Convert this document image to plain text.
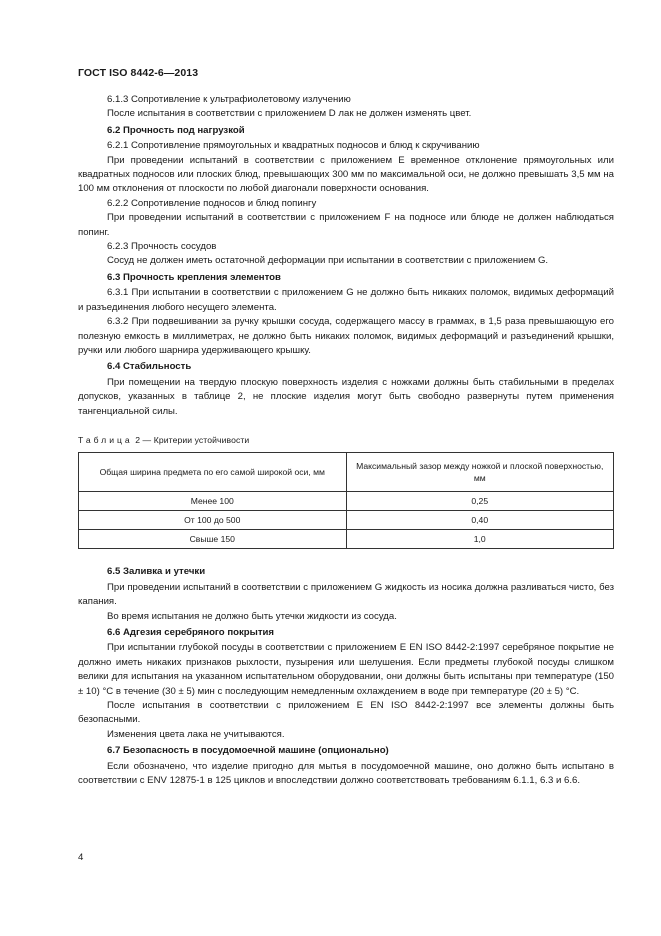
ГОСТ ISO 8442-6—2013

6.1.3 Сопротивление к ультрафиолетовому излучению

После испытания в соответствии с приложением D лак не должен изменять цвет.

6.2 Прочность под нагрузкой

6.2.1 Сопротивление прямоугольных и квадратных подносов и блюд к скручиванию

При проведении испытаний в соответствии с приложением E временное отклонение прямоугольных или квадратных подносов или плоских блюд, превышающих 300 мм по максимальной оси, не должно превышать 3,5 мм на 100 мм отклонения от плоскости по любой диагонали поверхности основания.

6.2.2 Сопротивление подносов и блюд попингу

При проведении испытаний в соответствии с приложением F на подносе или блюде не должен наблюдаться попинг.

6.2.3 Прочность сосудов

Сосуд не должен иметь остаточной деформации при испытании в соответствии с приложением G.

6.3 Прочность крепления элементов

6.3.1 При испытании в соответствии с приложением G не должно быть никаких поломок, видимых деформаций и разъединения любого несущего элемента.

6.3.2 При подвешивании за ручку крышки сосуда, содержащего массу в граммах, в 1,5 раза превышающую его полезную емкость в миллиметрах, не должно быть никаких поломок, видимых деформаций и разъединений крышки, ручки или любого шарнира удерживающего крышку.

6.4 Стабильность

При помещении на твердую плоскую поверхность изделия с ножками должны быть стабильными в пределах допусков, указанных в таблице 2, не плоские изделия могут быть свободно развернуты путем применения тангенциальной силы.

Таблица 2 — Критерии устойчивости

Общая ширина предмета по его самой широкой оси, мм	Максимальный зазор между ножкой и плоской поверхностью, мм
Менее 100	0,25
От 100 до 500	0,40
Свыше 150	1,0

6.5 Заливка и утечки

При проведении испытаний в соответствии с приложением G жидкость из носика должна разливаться чисто, без капания.

Во время испытания не должно быть утечки жидкости из сосуда.

6.6 Адгезия серебряного покрытия

При испытании глубокой посуды в соответствии с приложением E EN ISO 8442-2:1997 серебряное покрытие не должно иметь никаких признаков рыхлости, пузырения или шелушения. Если предметы глубокой посуды слишком велики для испытания на указанном испытательном оборудовании, они должны быть испытаны при температуре (150 ± 10) °С в течение (30 ± 5) мин с последующим немедленным охлаждением в воде при температуре (20 ± 5) °С.

После испытания в соответствии с приложением E EN ISO 8442-2:1997 все элементы должны быть безопасными.

Изменения цвета лака не учитываются.

6.7 Безопасность в посудомоечной машине (опционально)

Если обозначено, что изделие пригодно для мытья в посудомоечной машине, оно должно быть испытано в соответствии с ENV 12875-1 в 125 циклов и впоследствии должно соответствовать требованиям 6.1.1, 6.3 и 6.6.

4
